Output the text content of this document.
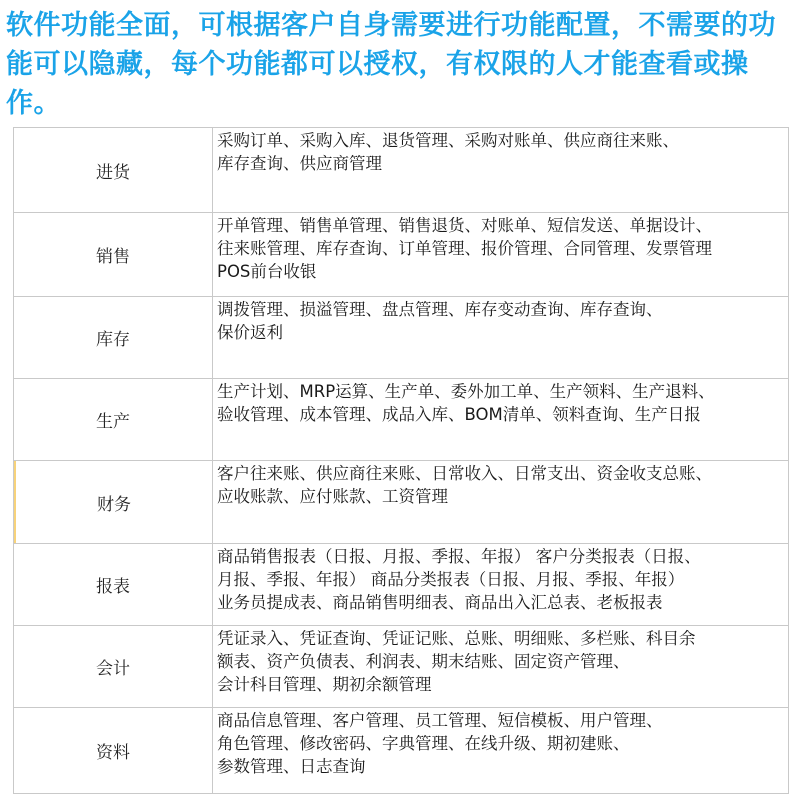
软件功能全面，可根据客户自身需要进行功能配置，不需要的功能可以隐藏，每个功能都可以授权，有权限的人才能查看或操作。

进货
采购订单、采购入库、退货管理、采购对账单、供应商往来账、
库存查询、供应商管理
销售
开单管理、销售单管理、销售退货、对账单、短信发送、单据设计、
往来账管理、库存查询、订单管理、报价管理、合同管理、发票管理
POS前台收银
库存
调拨管理、损溢管理、盘点管理、库存变动查询、库存查询、
保价返利
生产
生产计划、MRP运算、生产单、委外加工单、生产领料、生产退料、
验收管理、成本管理、成品入库、BOM清单、领料查询、生产日报
财务
客户往来账、供应商往来账、日常收入、日常支出、资金收支总账、
应收账款、应付账款、工资管理
报表
商品销售报表（日报、月报、季报、年报） 客户分类报表（日报、
月报、季报、年报） 商品分类报表（日报、月报、季报、年报）
业务员提成表、商品销售明细表、商品出入汇总表、老板报表
会计
凭证录入、凭证查询、凭证记账、总账、明细账、多栏账、科目余
额表、资产负债表、利润表、期末结账、固定资产管理、
会计科目管理、期初余额管理
资料
商品信息管理、客户管理、员工管理、短信模板、用户管理、
角色管理、修改密码、字典管理、在线升级、期初建账、
参数管理、日志查询
